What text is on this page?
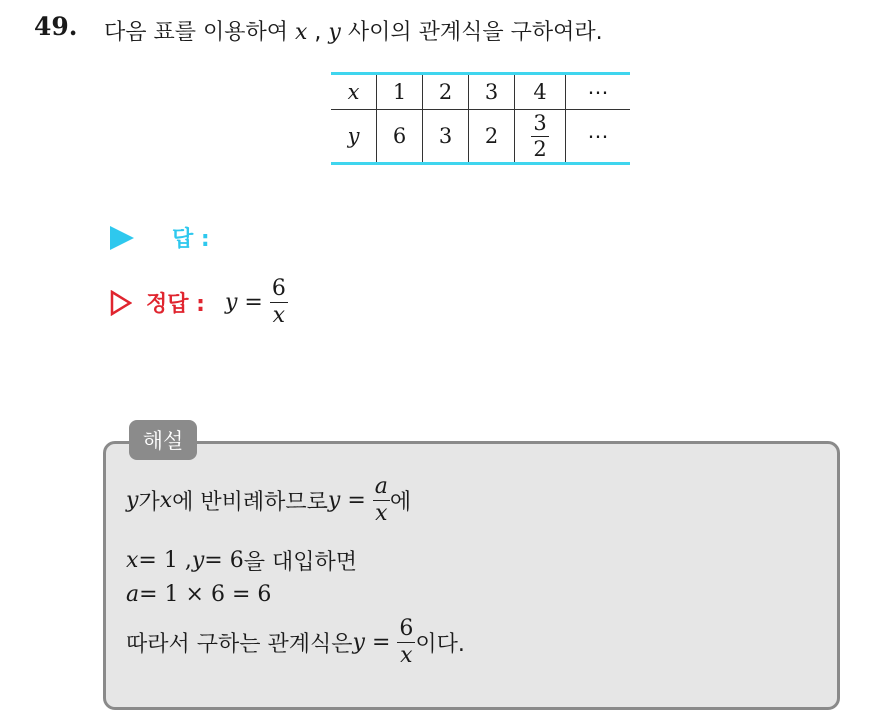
49. 다음 표를 이용하여 x , y 사이의 관계식을 구하여라.
x	1	2	3	4	⋯
y	6	3	2	$\frac{3}{2}$	⋯
답 :
정답 : y =
$\frac{6}{x}$
해설
y 가 x 에 반비례하므로 y =
$\frac{a}{x}$ 에
x = 1 , y = 6 을 대입하면
a = 1 × 6 = 6
따라서 구하는 관계식은 y =
$\frac{6}{x}$ 이다.
